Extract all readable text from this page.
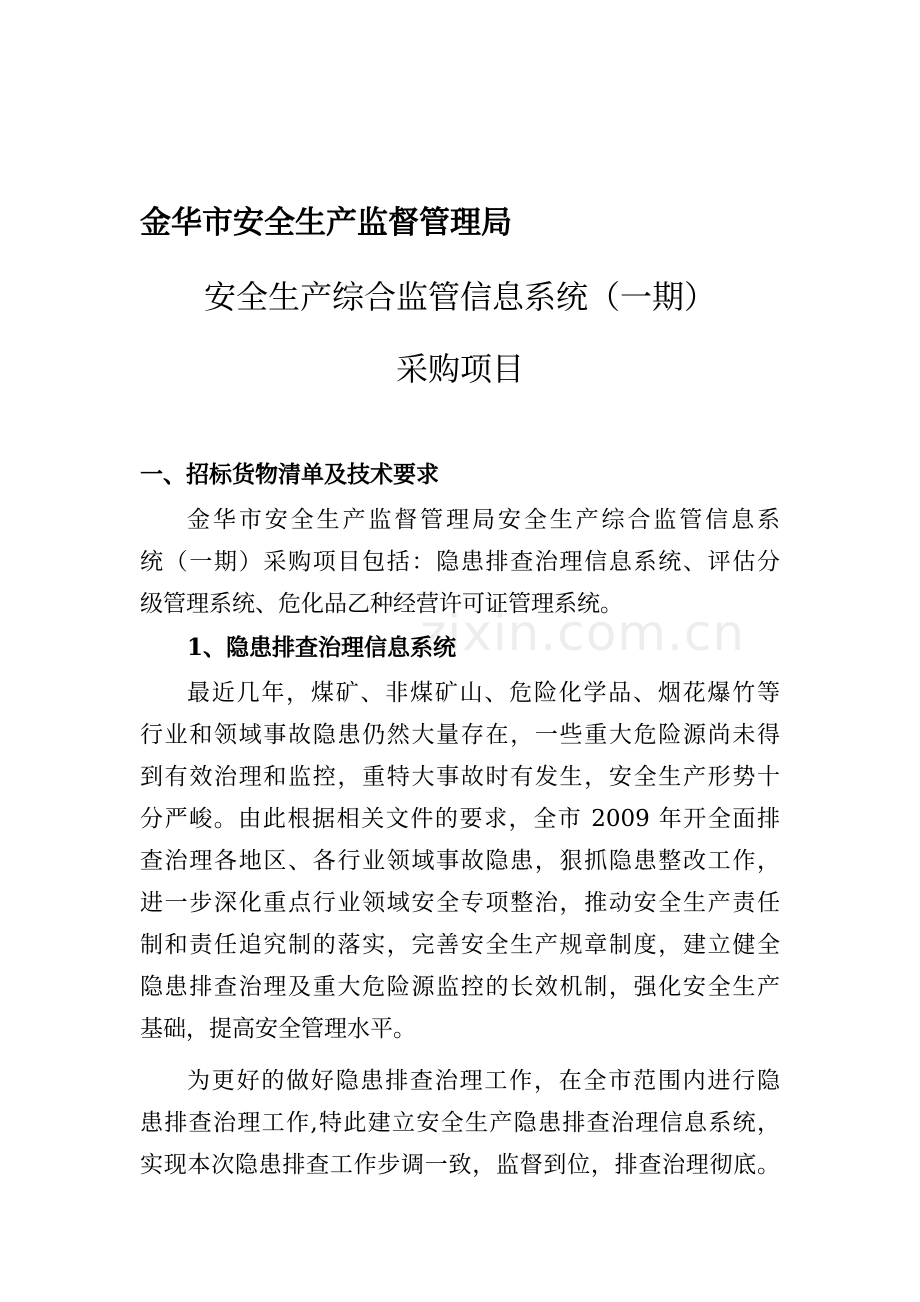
金华市安全生产监督管理局
安全生产综合监管信息系统（一期）
采购项目
一、招标货物清单及技术要求
金华市安全生产监督管理局安全生产综合监管信息系
统（一期）采购项目包括：隐患排查治理信息系统、评估分
级管理系统、危化品乙种经营许可证管理系统。
zixin.com.cn
1、隐患排查治理信息系统
最近几年，煤矿、非煤矿山、危险化学品、烟花爆竹等
行业和领域事故隐患仍然大量存在，一些重大危险源尚未得
到有效治理和监控，重特大事故时有发生，安全生产形势十
分严峻。由此根据相关文件的要求，全市 2009 年开全面排
查治理各地区、各行业领域事故隐患，狠抓隐患整改工作，
进一步深化重点行业领域安全专项整治，推动安全生产责任
制和责任追究制的落实，完善安全生产规章制度，建立健全
隐患排查治理及重大危险源监控的长效机制，强化安全生产
基础，提高安全管理水平。
为更好的做好隐患排查治理工作，在全市范围内进行隐
患排查治理工作,特此建立安全生产隐患排查治理信息系统，
实现本次隐患排查工作步调一致，监督到位，排查治理彻底。
